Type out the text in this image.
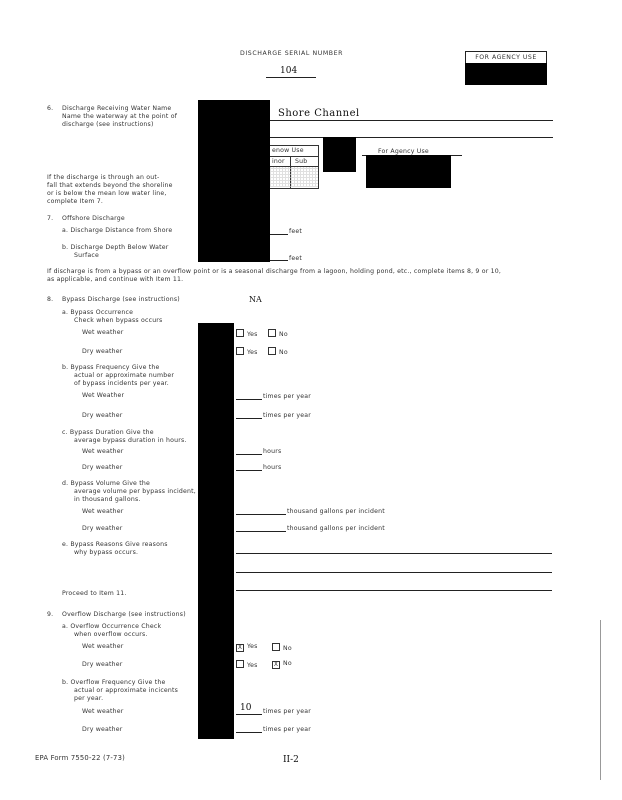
DISCHARGE SERIAL NUMBER
104
FOR AGENCY USE
6. Discharge Receiving Water Name
Name the waterway at the point of
discharge (see instructions)
Shore Channel
enow Use
inor Sub
For Agency Use
If the discharge is through an out-
fall that extends beyond the shoreline
or is below the mean low water line,
complete Item 7.
7. Offshore Discharge
a. Discharge Distance from Shore	feet
b. Discharge Depth Below Water
Surface	feet
If discharge is from a bypass or an overflow point or is a seasonal discharge from a lagoon, holding pond, etc., complete items 8, 9 or 10,
as applicable, and continue with Item 11.
8. Bypass Discharge (see instructions)	NA
a. Bypass Occurrence
Check when bypass occurs
Wet weather	Yes	No
Dry weather	Yes	No
b. Bypass Frequency Give the
actual or approximate number
of bypass incidents per year.
Wet Weather	times per year
Dry weather	times per year
c. Bypass Duration Give the
average bypass duration in hours.
Wet weather	hours
Dry weather	hours
d. Bypass Volume Give the
average volume per bypass incident,
in thousand gallons.
Wet weather	thousand gallons per incident
Dry weather	thousand gallons per incident
e. Bypass Reasons Give reasons
why bypass occurs.
Proceed to Item 11.
9. Overflow Discharge (see instructions)
a. Overflow Occurrence Check
when overflow occurs.
Wet weather	X Yes	No
Dry weather	Yes	X No
b. Overflow Frequency Give the
actual or approximate incicents
per year.
Wet weather	10 times per year
Dry weather	times per year
EPA Form 7550-22 (7-73)	II-2
